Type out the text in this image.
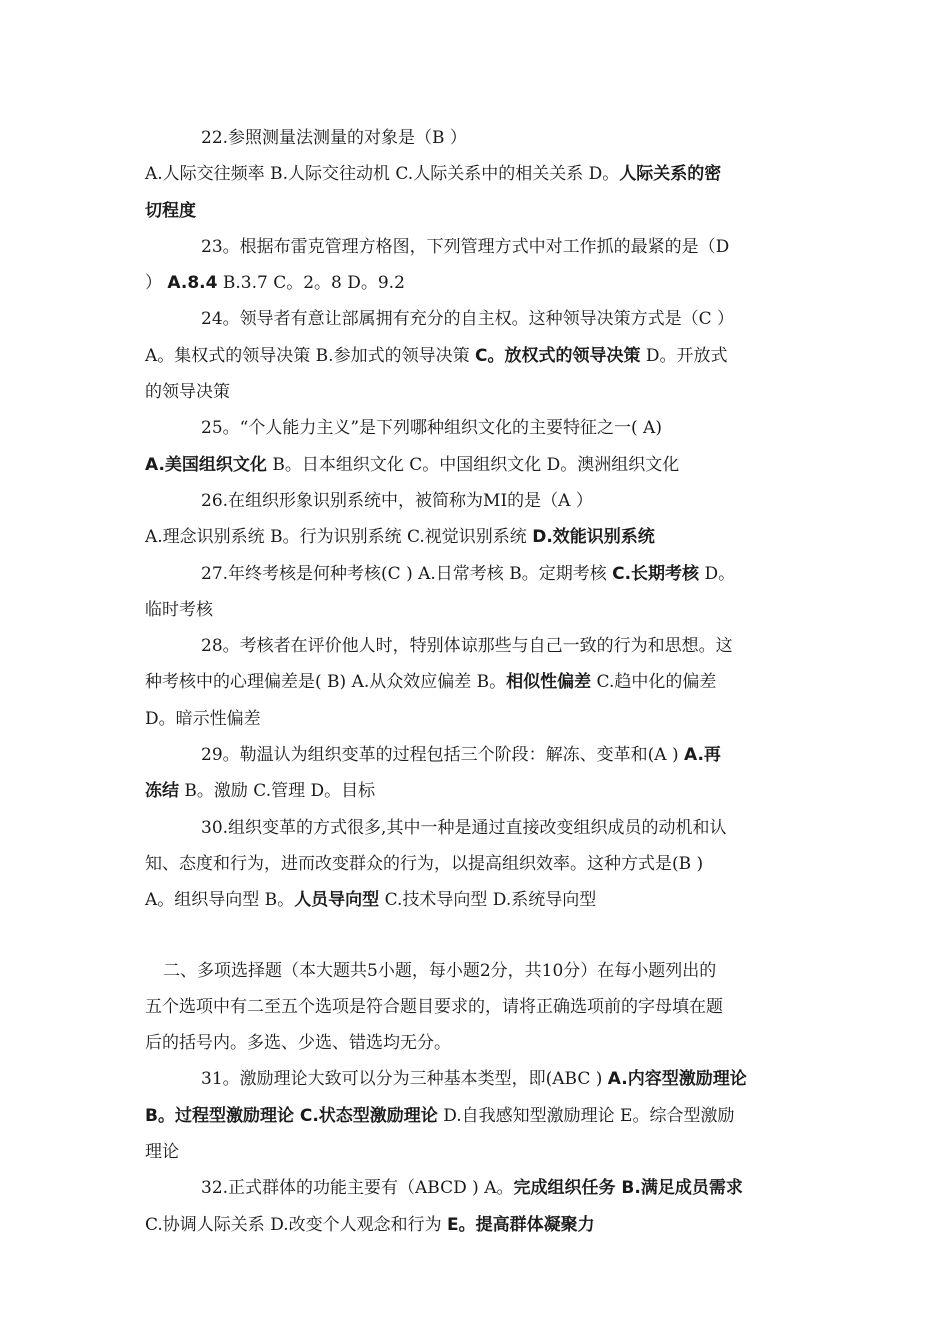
22.参照测量法测量的对象是（B ）
A.人际交往频率 B.人际交往动机 C.人际关系中的相关关系 D。人际关系的密
切程度
23。根据布雷克管理方格图，下列管理方式中对工作抓的最紧的是（D
） A.8.4 B.3.7 C。2。8 D。9.2
24。领导者有意让部属拥有充分的自主权。这种领导决策方式是（C ）
A。集权式的领导决策 B.参加式的领导决策 C。放权式的领导决策 D。开放式
的领导决策
25。“个人能力主义”是下列哪种组织文化的主要特征之一( A)
A.美国组织文化 B。日本组织文化 C。中国组织文化 D。澳洲组织文化
26.在组织形象识别系统中，被简称为MI的是（A ）
A.理念识别系统 B。行为识别系统 C.视觉识别系统 D.效能识别系统
27.年终考核是何种考核(C ) A.日常考核 B。定期考核 C.长期考核 D。
临时考核
28。考核者在评价他人时，特别体谅那些与自己一致的行为和思想。这
种考核中的心理偏差是( B) A.从众效应偏差 B。相似性偏差 C.趋中化的偏差
D。暗示性偏差
29。勒温认为组织变革的过程包括三个阶段：解冻、变革和(A ) A.再
冻结 B。激励 C.管理 D。目标
30.组织变革的方式很多,其中一种是通过直接改变组织成员的动机和认
知、态度和行为，进而改变群众的行为，以提高组织效率。这种方式是(B )
A。组织导向型 B。人员导向型 C.技术导向型 D.系统导向型
二、多项选择题（本大题共5小题，每小题2分，共10分）在每小题列出的
五个选项中有二至五个选项是符合题目要求的，请将正确选项前的字母填在题
后的括号内。多选、少选、错选均无分。
31。激励理论大致可以分为三种基本类型，即(ABC ) A.内容型激励理论
B。过程型激励理论 C.状态型激励理论 D.自我感知型激励理论 E。综合型激励
理论
32.正式群体的功能主要有（ABCD ) A。完成组织任务 B.满足成员需求
C.协调人际关系 D.改变个人观念和行为 E。提高群体凝聚力
